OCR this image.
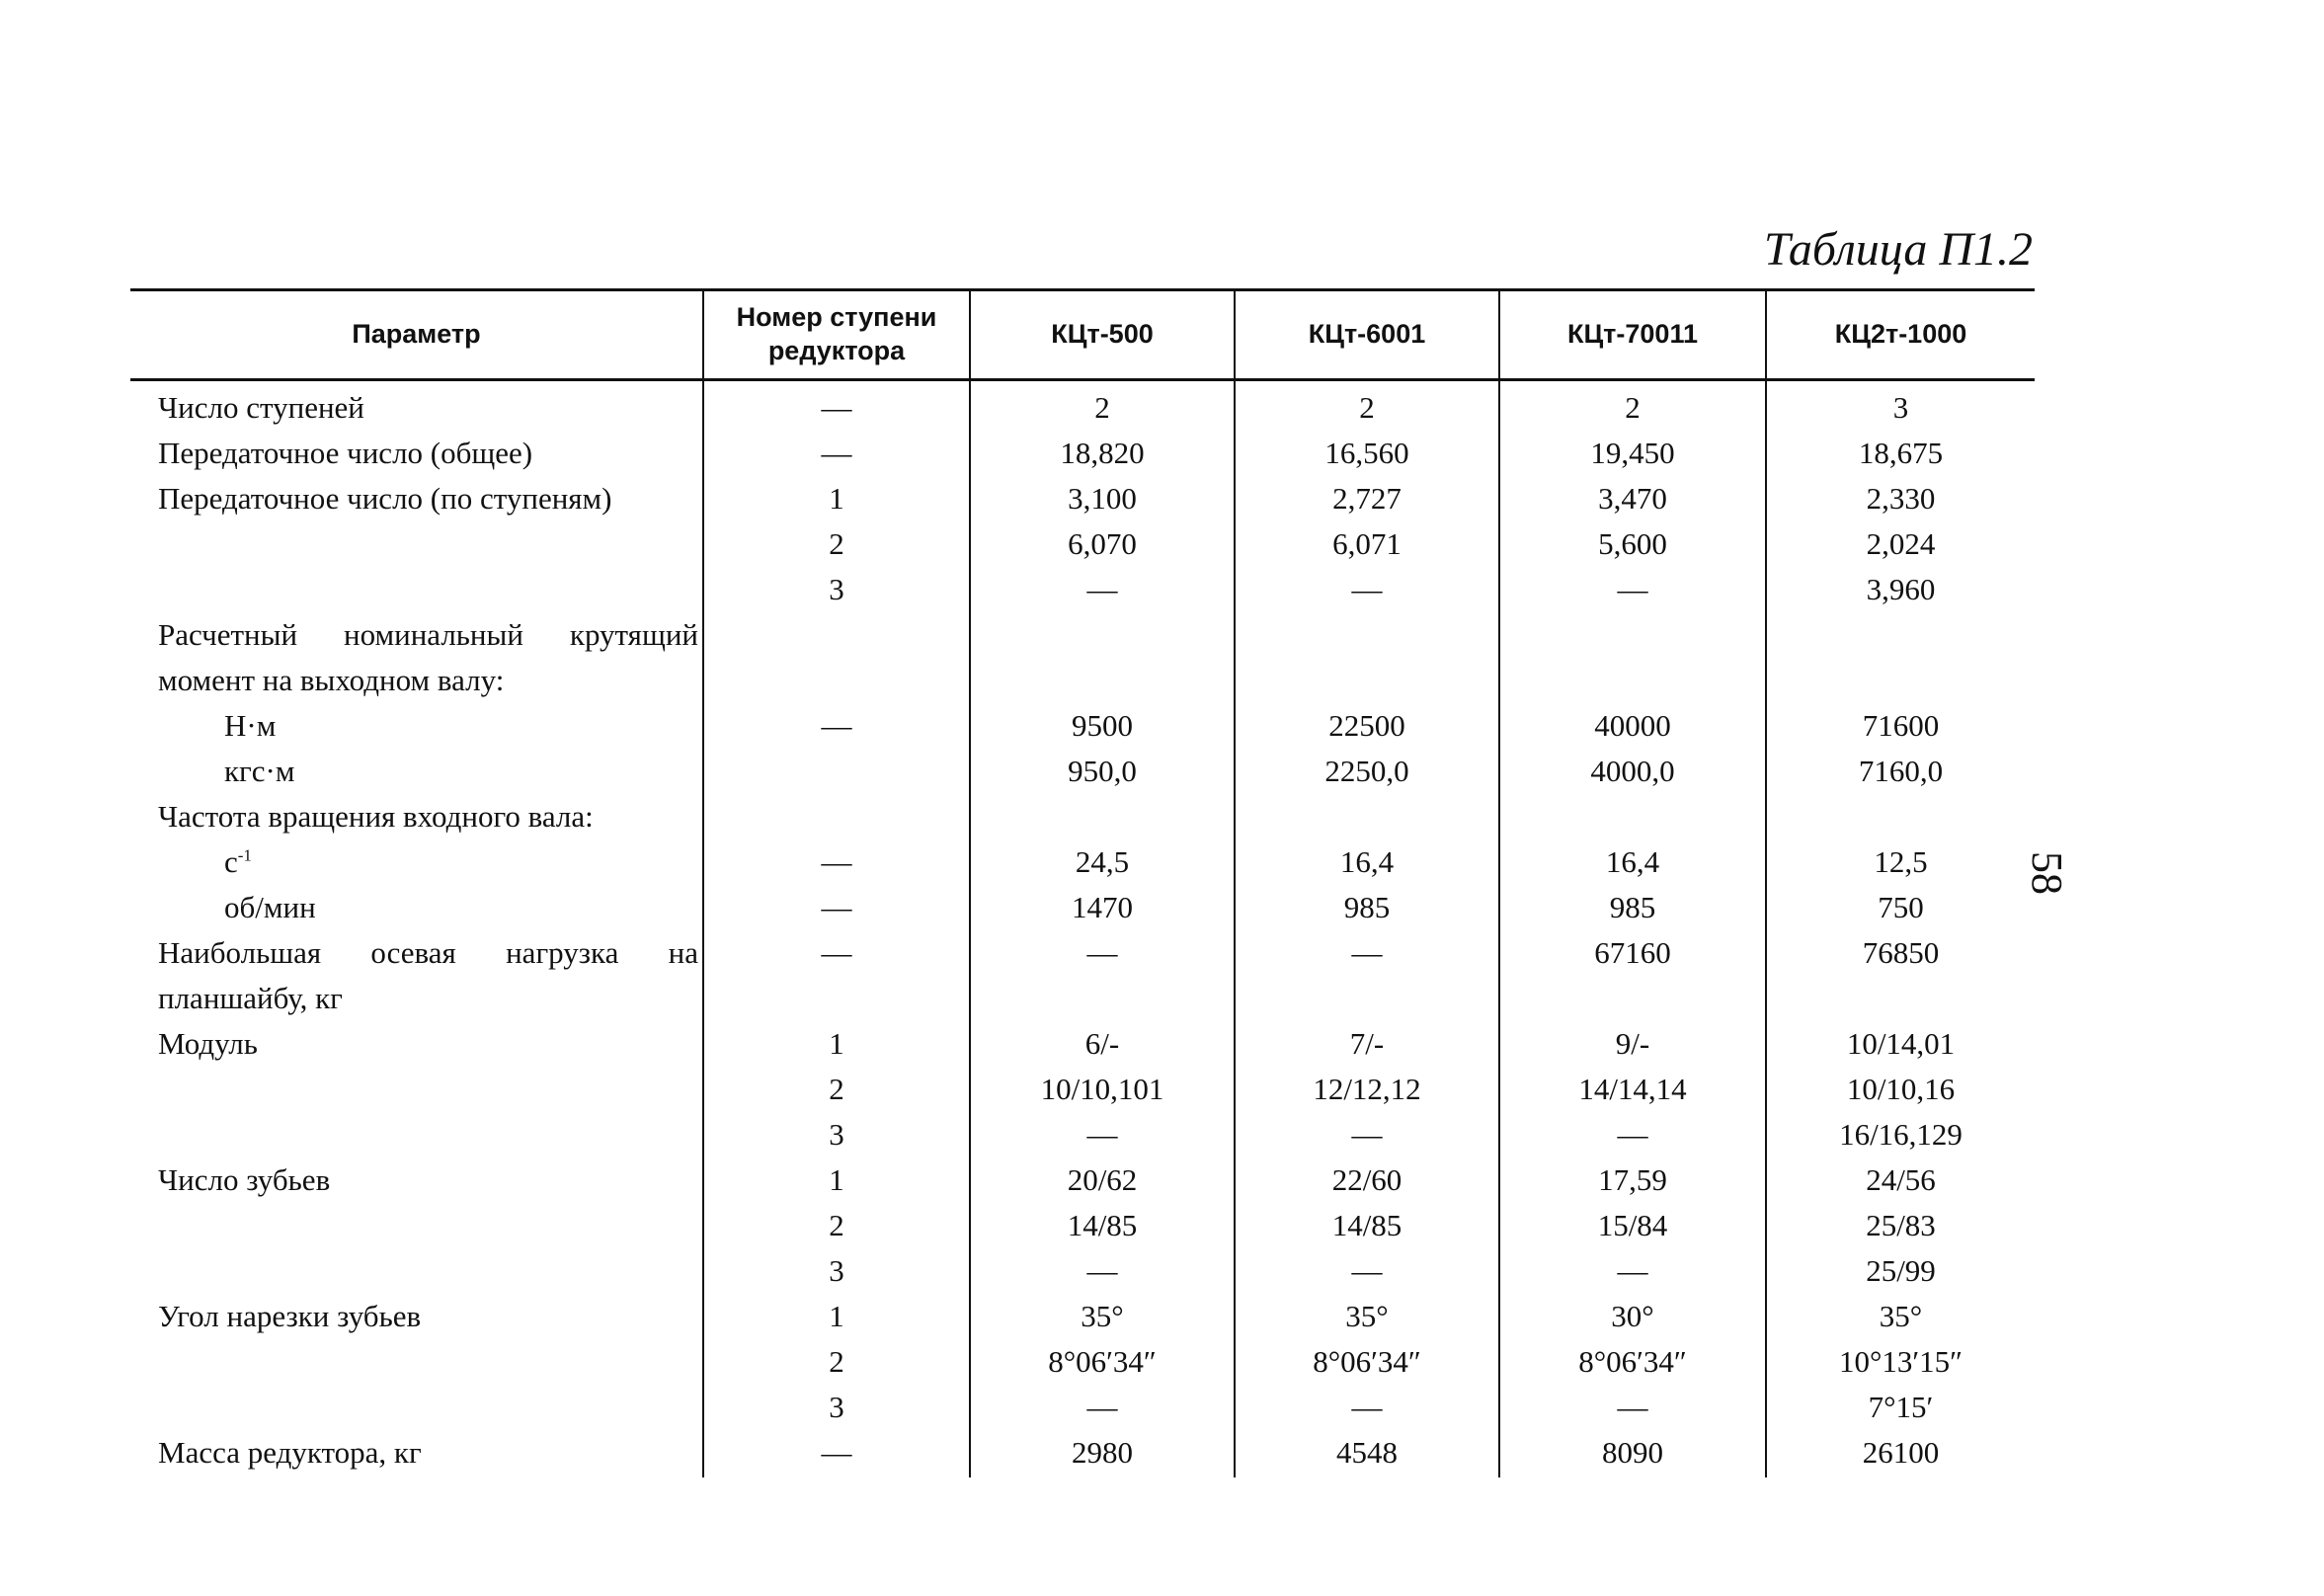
Таблица П1.2
58
Параметр	Номер ступени редуктора	КЦт-500	КЦт-6001	КЦт-70011	КЦ2т-1000
Число ступеней	—	2	2	2	3
Передаточное число (общее)	—	18,820	16,560	19,450	18,675
Передаточное число (по ступеням)	1	3,100	2,727	3,470	2,330
	2	6,070	6,071	5,600	2,024
	3	—	—	—	3,960
Расчетный номинальный крутящий					
момент на выходном валу:					
Н·м	—	9500	22500	40000	71600
кгс·м		950,0	2250,0	4000,0	7160,0
Частота вращения входного вала:					
$с^{-1}$	—	24,5	16,4	16,4	12,5
об/мин	—	1470	985	985	750
Наибольшая осевая нагрузка на	—	—	—	67160	76850
планшайбу, кг					
Модуль	1	6/-	7/-	9/-	10/14,01
	2	10/10,101	12/12,12	14/14,14	10/10,16
	3	—	—	—	16/16,129
Число зубьев	1	20/62	22/60	17,59	24/56
	2	14/85	14/85	15/84	25/83
	3	—	—	—	25/99
Угол нарезки зубьев	1	35°	35°	30°	35°
	2	8°06′34″	8°06′34″	8°06′34″	10°13′15″
	3	—	—	—	7°15′
Масса редуктора, кг	—	2980	4548	8090	26100
